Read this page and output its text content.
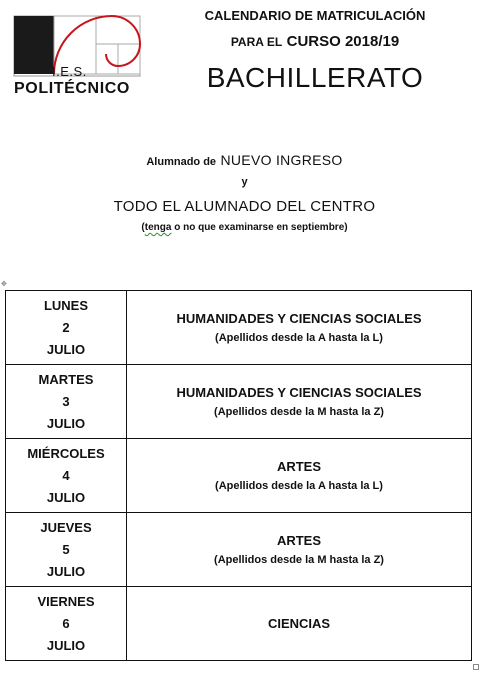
I.E.S.
POLITÉCNICO
CALENDARIO DE MATRICULACIÓN
PARA EL CURSO 2018/19
BACHILLERATO
Alumnado de NUEVO INGRESO
y
TODO EL ALUMNADO DEL CENTRO
(tenga o no que examinarse en septiembre)
✥
LUNES
2
JULIO	HUMANIDADES Y CIENCIAS SOCIALES
(Apellidos desde la A hasta la L)

MARTES
3
JULIO	HUMANIDADES Y CIENCIAS SOCIALES
(Apellidos desde la M hasta la Z)

MIÉRCOLES
4
JULIO	ARTES
(Apellidos desde la A hasta la L)

JUEVES
5
JULIO	ARTES
(Apellidos desde la M hasta la Z)

VIERNES
6
JULIO	CIENCIAS
